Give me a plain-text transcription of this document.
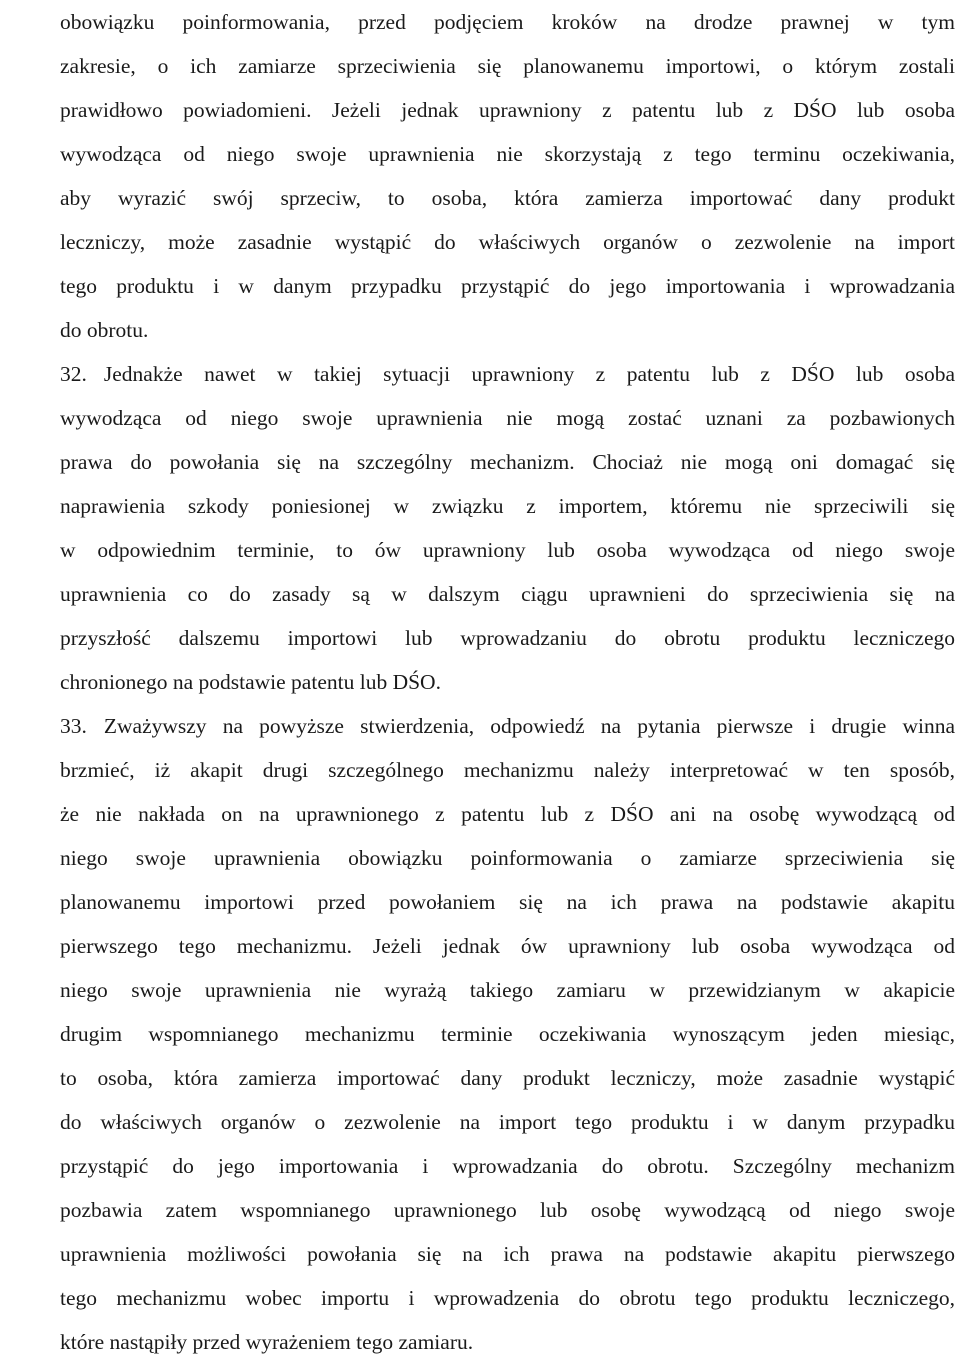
obowiązku poinformowania, przed podjęciem kroków na drodze prawnej w tym
zakresie, o ich zamiarze sprzeciwienia się planowanemu importowi, o którym zostali
prawidłowo powiadomieni. Jeżeli jednak uprawniony z patentu lub z DŚO lub osoba
wywodząca od niego swoje uprawnienia nie skorzystają z tego terminu oczekiwania,
aby wyrazić swój sprzeciw, to osoba, która zamierza importować dany produkt
leczniczy, może zasadnie wystąpić do właściwych organów o zezwolenie na import
tego produktu i w danym przypadku przystąpić do jego importowania i wprowadzania
do obrotu.
32. Jednakże nawet w takiej sytuacji uprawniony z patentu lub z DŚO lub osoba
wywodząca od niego swoje uprawnienia nie mogą zostać uznani za pozbawionych
prawa do powołania się na szczególny mechanizm. Chociaż nie mogą oni domagać się
naprawienia szkody poniesionej w związku z importem, któremu nie sprzeciwili się
w odpowiednim terminie, to ów uprawniony lub osoba wywodząca od niego swoje
uprawnienia co do zasady są w dalszym ciągu uprawnieni do sprzeciwienia się na
przyszłość dalszemu importowi lub wprowadzaniu do obrotu produktu leczniczego
chronionego na podstawie patentu lub DŚO.
33. Zważywszy na powyższe stwierdzenia, odpowiedź na pytania pierwsze i drugie winna
brzmieć, iż akapit drugi szczególnego mechanizmu należy interpretować w ten sposób,
że nie nakłada on na uprawnionego z patentu lub z DŚO ani na osobę wywodzącą od
niego swoje uprawnienia obowiązku poinformowania o zamiarze sprzeciwienia się
planowanemu importowi przed powołaniem się na ich prawa na podstawie akapitu
pierwszego tego mechanizmu. Jeżeli jednak ów uprawniony lub osoba wywodząca od
niego swoje uprawnienia nie wyrażą takiego zamiaru w przewidzianym w akapicie
drugim wspomnianego mechanizmu terminie oczekiwania wynoszącym jeden miesiąc,
to osoba, która zamierza importować dany produkt leczniczy, może zasadnie wystąpić
do właściwych organów o zezwolenie na import tego produktu i w danym przypadku
przystąpić do jego importowania i wprowadzania do obrotu. Szczególny mechanizm
pozbawia zatem wspomnianego uprawnionego lub osobę wywodzącą od niego swoje
uprawnienia możliwości powołania się na ich prawa na podstawie akapitu pierwszego
tego mechanizmu wobec importu i wprowadzenia do obrotu tego produktu leczniczego,
które nastąpiły przed wyrażeniem tego zamiaru.
